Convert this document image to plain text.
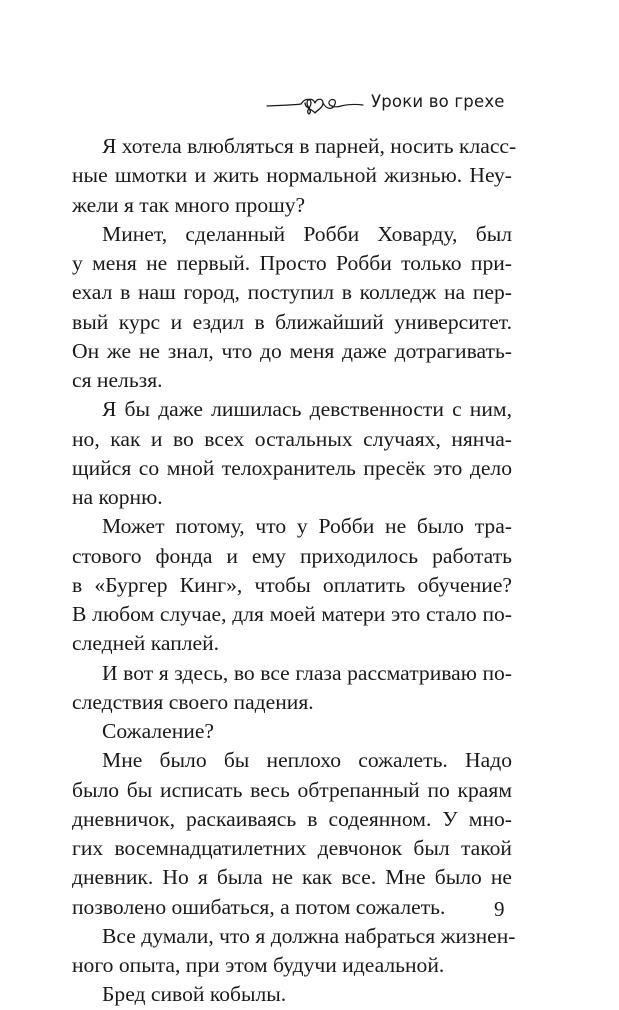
Уроки во грехе
Я хотела влюбляться в парней, носить класс-
ные шмотки и жить нормальной жизнью. Неу-
жели я так много прошу?
Минет, сделанный Робби Ховарду, был
у меня не первый. Просто Робби только при-
ехал в наш город, поступил в колледж на пер-
вый курс и ездил в ближайший университет.
Он же не знал, что до меня даже дотрагивать-
ся нельзя.
Я бы даже лишилась девственности с ним,
но, как и во всех остальных случаях, нянча-
щийся со мной телохранитель пресёк это дело
на корню.
Может потому, что у Робби не было тра-
стового фонда и ему приходилось работать
в «Бургер Кинг», чтобы оплатить обучение?
В любом случае, для моей матери это стало по-
следней каплей.
И вот я здесь, во все глаза рассматриваю по-
следствия своего падения.
Сожаление?
Мне было бы неплохо сожалеть. Надо
было бы исписать весь обтрепанный по краям
дневничок, раскаиваясь в содеянном. У мно-
гих восемнадцатилетних девчонок был такой
дневник. Но я была не как все. Мне было не
позволено ошибаться, а потом сожалеть.
Все думали, что я должна набраться жизнен-
ного опыта, при этом будучи идеальной.
Бред сивой кобылы.
9
